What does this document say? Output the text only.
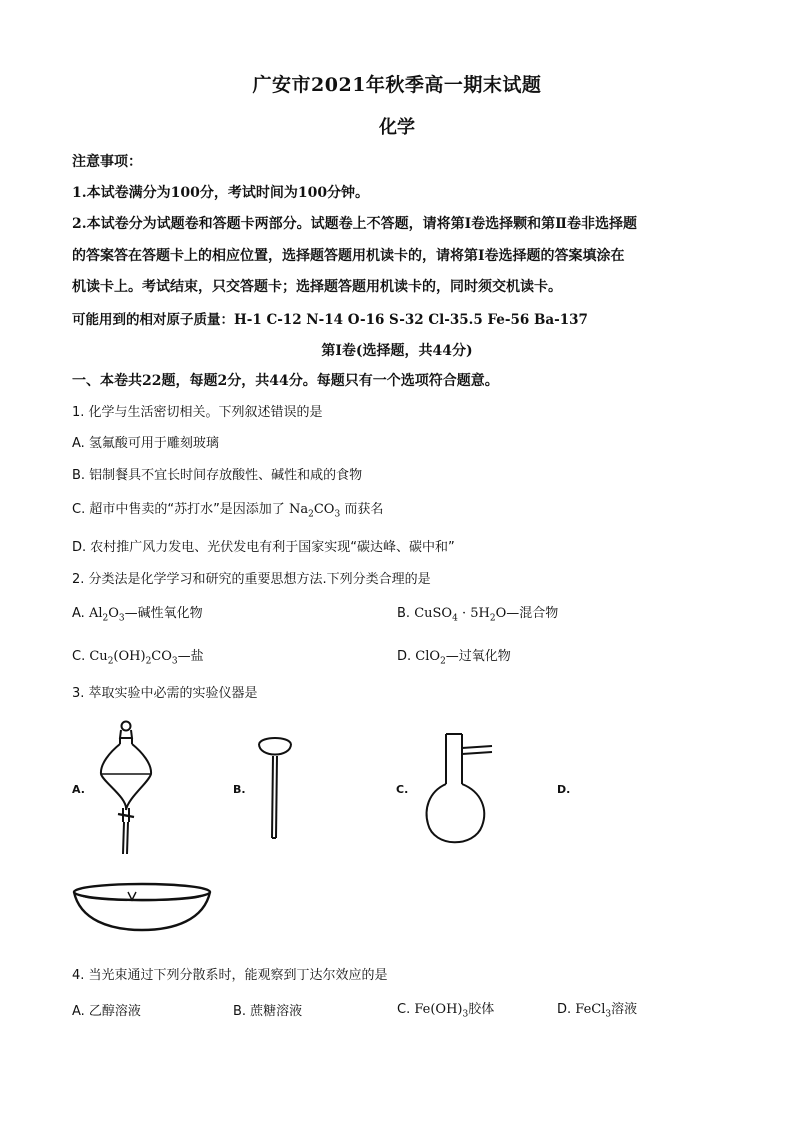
广安市2021年秋季高一期末试题
化学
注意事项：
1.本试卷满分为100分，考试时间为100分钟。
2.本试卷分为试题卷和答题卡两部分。试题卷上不答题，请将第Ⅰ卷选择颗和第Ⅱ卷非选择题
的答案答在答题卡上的相应位置，选择题答题用机读卡的，请将第Ⅰ卷选择题的答案填涂在
机读卡上。考试结束，只交答题卡；选择题答题用机读卡的，同时须交机读卡。
可能用到的相对原子质量：H-1 C-12 N-14 O-16 S-32 Cl-35.5 Fe-56 Ba-137
第Ⅰ卷(选择题，共44分)
一、本卷共22题，每题2分，共44分。每题只有一个选项符合题意。
1. 化学与生活密切相关。下列叙述错误的是
A. 氢氟酸可用于雕刻玻璃
B. 铝制餐具不宜长时间存放酸性、碱性和咸的食物
C. 超市中售卖的“苏打水”是因添加了 $Na_2CO_3$ 而获名
D. 农村推广风力发电、光伏发电有利于国家实现“碳达峰、碳中和”
2. 分类法是化学学习和研究的重要思想方法.下列分类合理的是
A. $Al_2O_3—$碱性氧化物	B. CuSO$_4$ · $5H_2O—$混合物
C. $Cu_2(OH)_2CO_3—$盐	D. ClO$_2$—过氧化物
3. 萃取实验中必需的实验仪器是
A.	B.	C.	D.
4. 当光束通过下列分散系时，能观察到丁达尔效应的是
A. 乙醇溶液	B. 蔗糖溶液	C. $Fe(OH)_3$胶体	D. FeCl$_3$溶液
